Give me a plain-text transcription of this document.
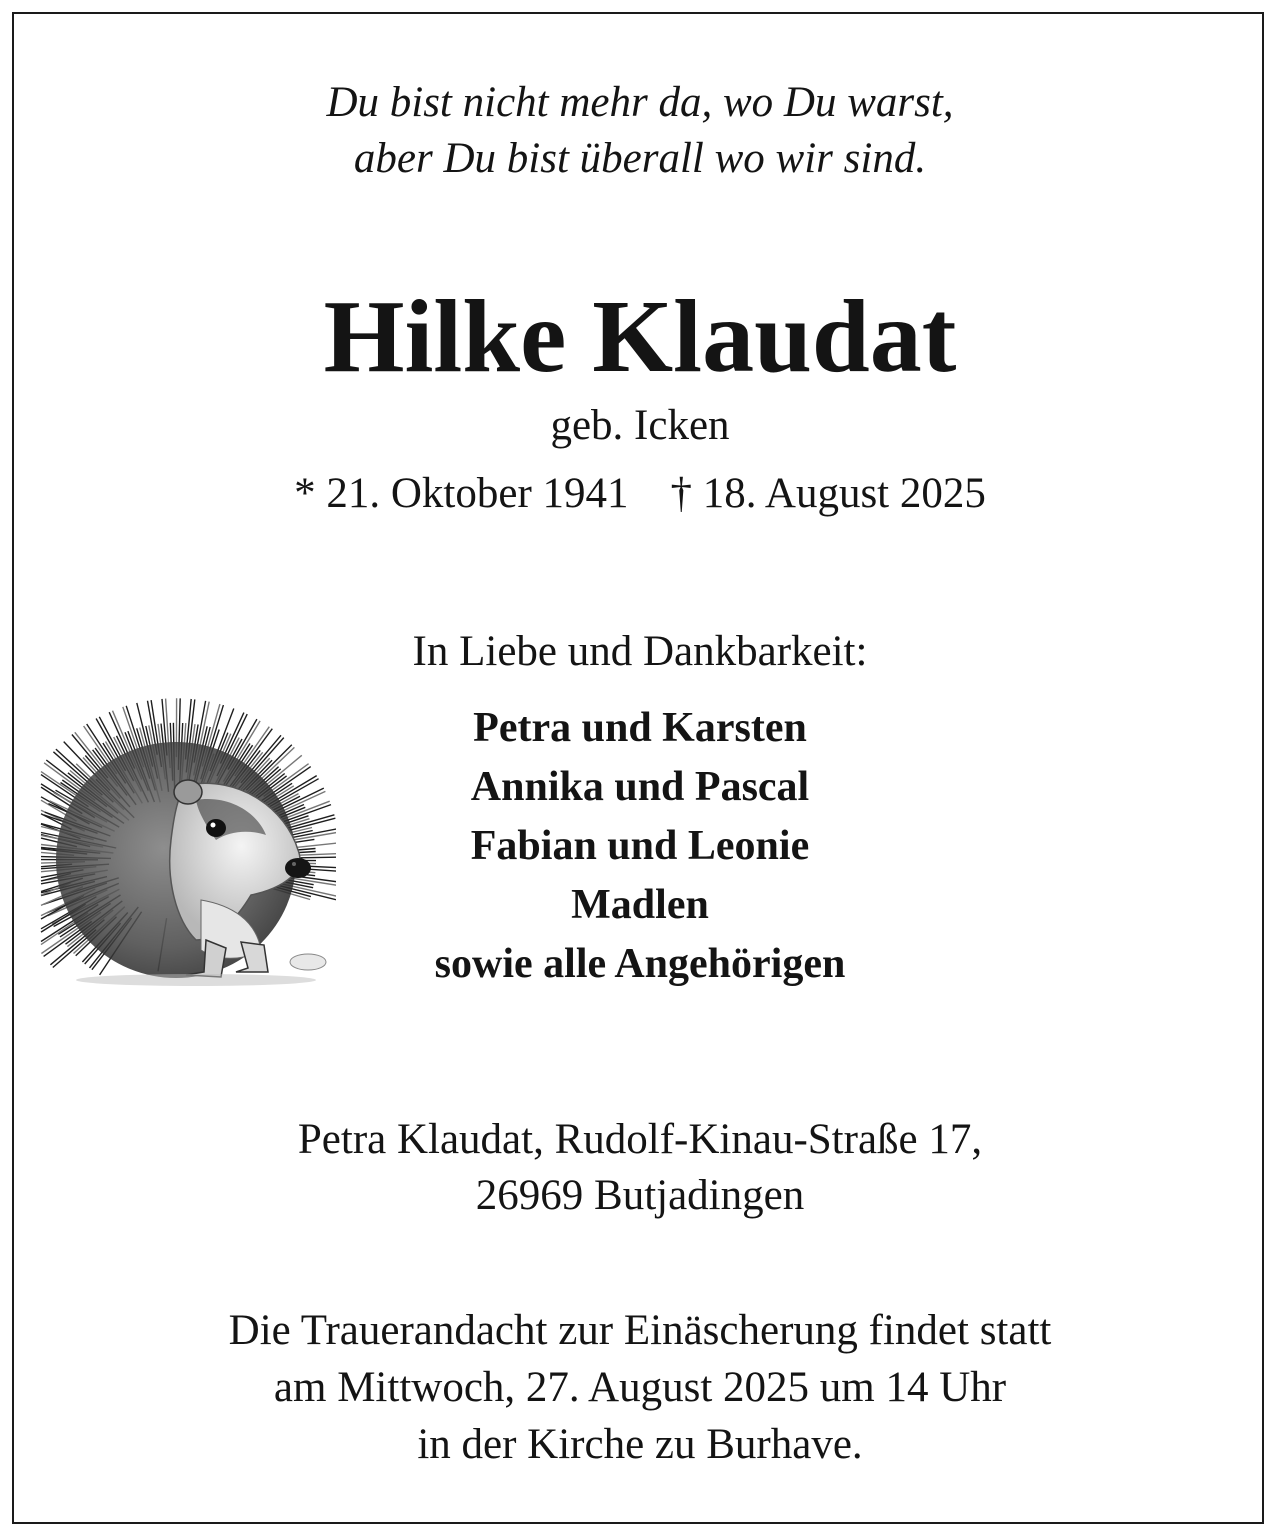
Du bist nicht mehr da, wo Du warst,

aber Du bist überall wo wir sind.

Hilke Klaudat

geb. Icken

* 21. Oktober 1941 † 18. August 2025

In Liebe und Dankbarkeit:

Petra und Karsten

Annika und Pascal

Fabian und Leonie

Madlen

sowie alle Angehörigen

Petra Klaudat, Rudolf-Kinau-Straße 17,

26969 Butjadingen

Die Trauerandacht zur Einäscherung findet statt

am Mittwoch, 27. August 2025 um 14 Uhr

in der Kirche zu Burhave.
